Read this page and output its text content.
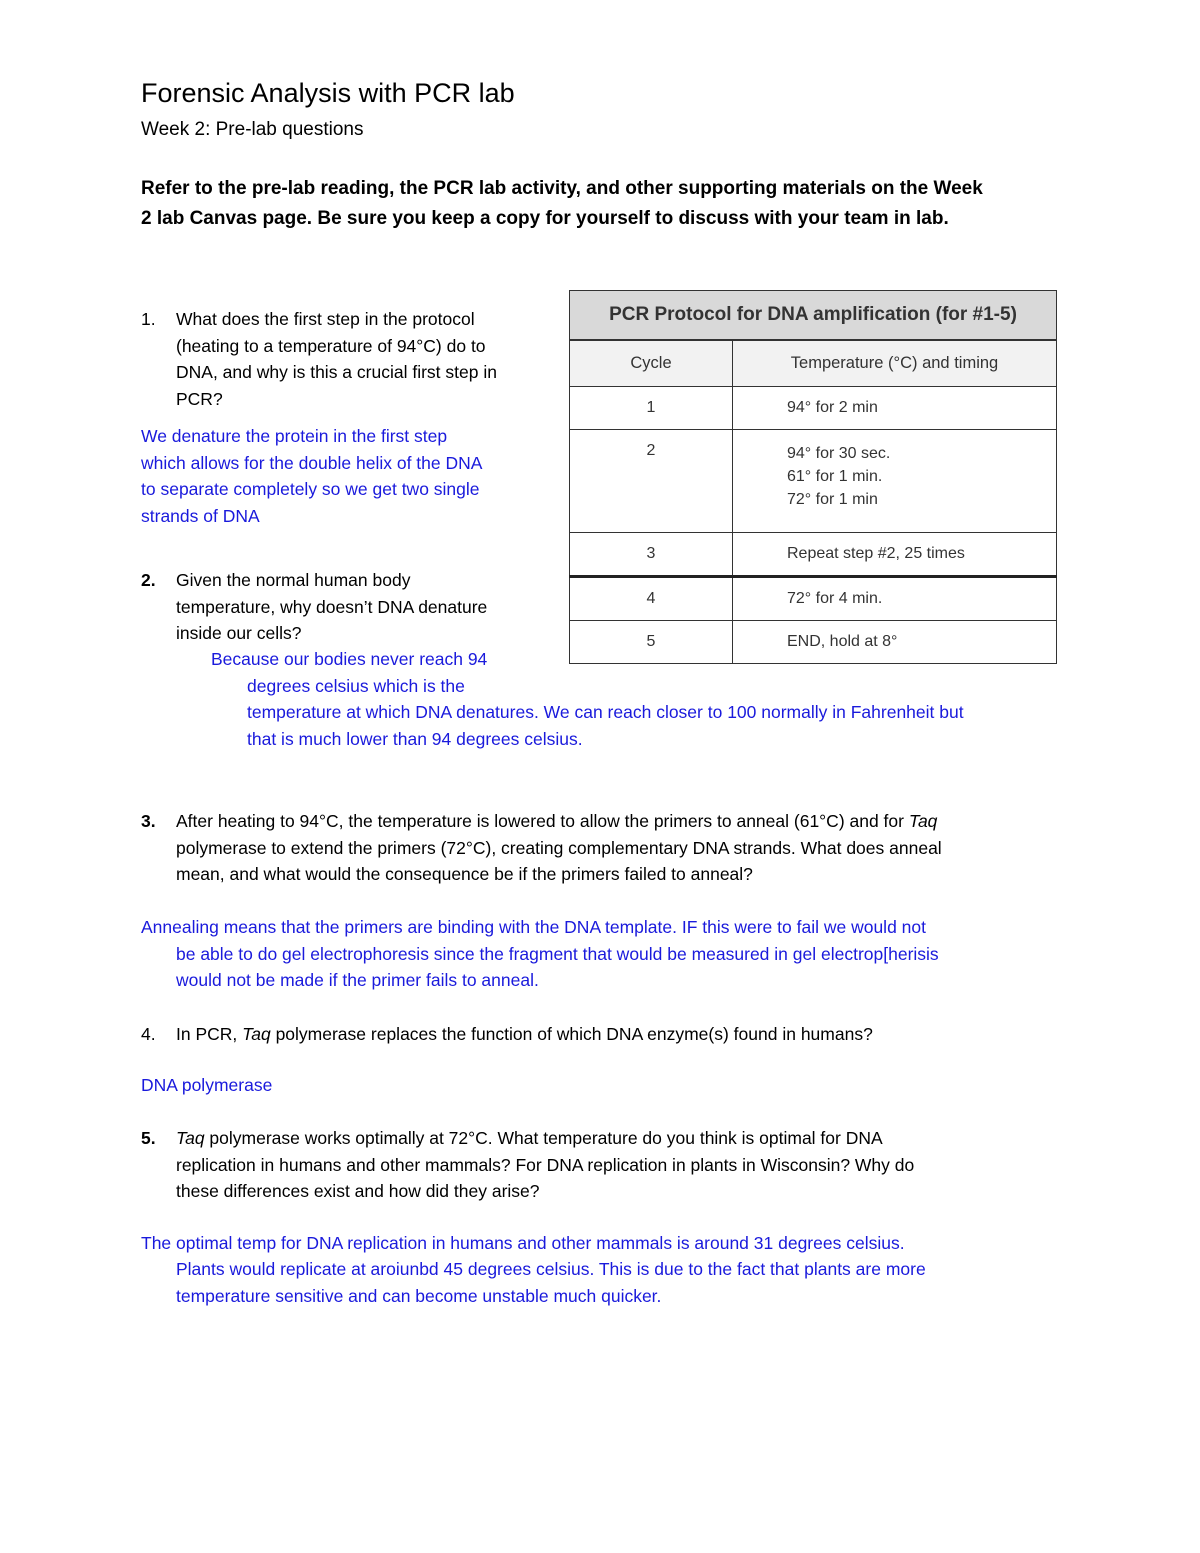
Forensic Analysis with PCR lab
Week 2: Pre-lab questions
Refer to the pre-lab reading, the PCR lab activity, and other supporting materials on the Week
2 lab Canvas page. Be sure you keep a copy for yourself to discuss with your team in lab.
1. What does the first step in the protocol
(heating to a temperature of 94°C) do to
DNA, and why is this a crucial first step in
PCR?
We denature the protein in the first step
which allows for the double helix of the DNA
to separate completely so we get two single
strands of DNA
PCR Protocol for DNA amplification (for #1-5)	
Cycle	Temperature (°C) and timing
1	94° for 2 min
2	94° for 30 sec.
61° for 1 min.
72° for 1 min

3	Repeat step #2, 25 times
4	72° for 4 min.
5	END, hold at 8°
2. Given the normal human body
temperature, why doesn’t DNA denature
inside our cells?
Because our bodies never reach 94
degrees celsius which is the
temperature at which DNA denatures. We can reach closer to 100 normally in Fahrenheit but
that is much lower than 94 degrees celsius.
3. After heating to 94°C, the temperature is lowered to allow the primers to anneal (61°C) and for Taq
polymerase to extend the primers (72°C), creating complementary DNA strands. What does anneal
mean, and what would the consequence be if the primers failed to anneal?
Annealing means that the primers are binding with the DNA template. IF this were to fail we would not
be able to do gel electrophoresis since the fragment that would be measured in gel electrop[herisis
would not be made if the primer fails to anneal.
4. In PCR, Taq polymerase replaces the function of which DNA enzyme(s) found in humans?
DNA polymerase
5. Taq polymerase works optimally at 72°C. What temperature do you think is optimal for DNA
replication in humans and other mammals? For DNA replication in plants in Wisconsin? Why do
these differences exist and how did they arise?
The optimal temp for DNA replication in humans and other mammals is around 31 degrees celsius.
Plants would replicate at aroiunbd 45 degrees celsius. This is due to the fact that plants are more
temperature sensitive and can become unstable much quicker.
